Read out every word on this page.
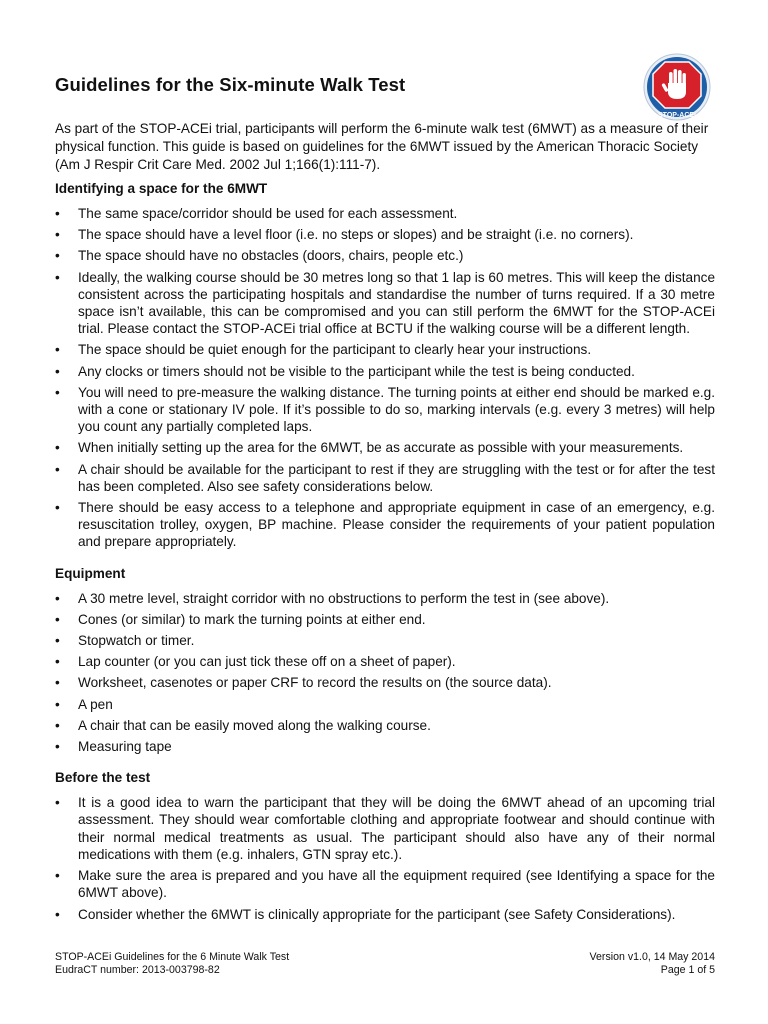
Guidelines for the Six-minute Walk Test
STOP-ACEi

As part of the STOP-ACEi trial, participants will perform the 6-minute walk test (6MWT) as a measure of their physical function. This guide is based on guidelines for the 6MWT issued by the American Thoracic Society (Am J Respir Crit Care Med. 2002 Jul 1;166(1):111-7).

Identifying a space for the 6MWT
• The same space/corridor should be used for each assessment.
• The space should have a level floor (i.e. no steps or slopes) and be straight (i.e. no corners).
• The space should have no obstacles (doors, chairs, people etc.)
• Ideally, the walking course should be 30 metres long so that 1 lap is 60 metres. This will keep the distance consistent across the participating hospitals and standardise the number of turns required. If a 30 metre space isn’t available, this can be compromised and you can still perform the 6MWT for the STOP-ACEi trial. Please contact the STOP-ACEi trial office at BCTU if the walking course will be a different length.
• The space should be quiet enough for the participant to clearly hear your instructions.
• Any clocks or timers should not be visible to the participant while the test is being conducted.
• You will need to pre-measure the walking distance. The turning points at either end should be marked e.g. with a cone or stationary IV pole. If it’s possible to do so, marking intervals (e.g. every 3 metres) will help you count any partially completed laps.
• When initially setting up the area for the 6MWT, be as accurate as possible with your measurements.
• A chair should be available for the participant to rest if they are struggling with the test or for after the test has been completed. Also see safety considerations below.
• There should be easy access to a telephone and appropriate equipment in case of an emergency, e.g. resuscitation trolley, oxygen, BP machine. Please consider the requirements of your patient population and prepare appropriately.
Equipment
• A 30 metre level, straight corridor with no obstructions to perform the test in (see above).
• Cones (or similar) to mark the turning points at either end.
• Stopwatch or timer.
• Lap counter (or you can just tick these off on a sheet of paper).
• Worksheet, casenotes or paper CRF to record the results on (the source data).
• A pen
• A chair that can be easily moved along the walking course.
• Measuring tape
Before the test
• It is a good idea to warn the participant that they will be doing the 6MWT ahead of an upcoming trial assessment. They should wear comfortable clothing and appropriate footwear and should continue with their normal medical treatments as usual. The participant should also have any of their normal medications with them (e.g. inhalers, GTN spray etc.).
• Make sure the area is prepared and you have all the equipment required (see Identifying a space for the 6MWT above).
• Consider whether the 6MWT is clinically appropriate for the participant (see Safety Considerations).
STOP-ACEi Guidelines for the 6 Minute Walk Test
EudraCT number: 2013-003798-82
Version v1.0, 14 May 2014
Page 1 of 5
